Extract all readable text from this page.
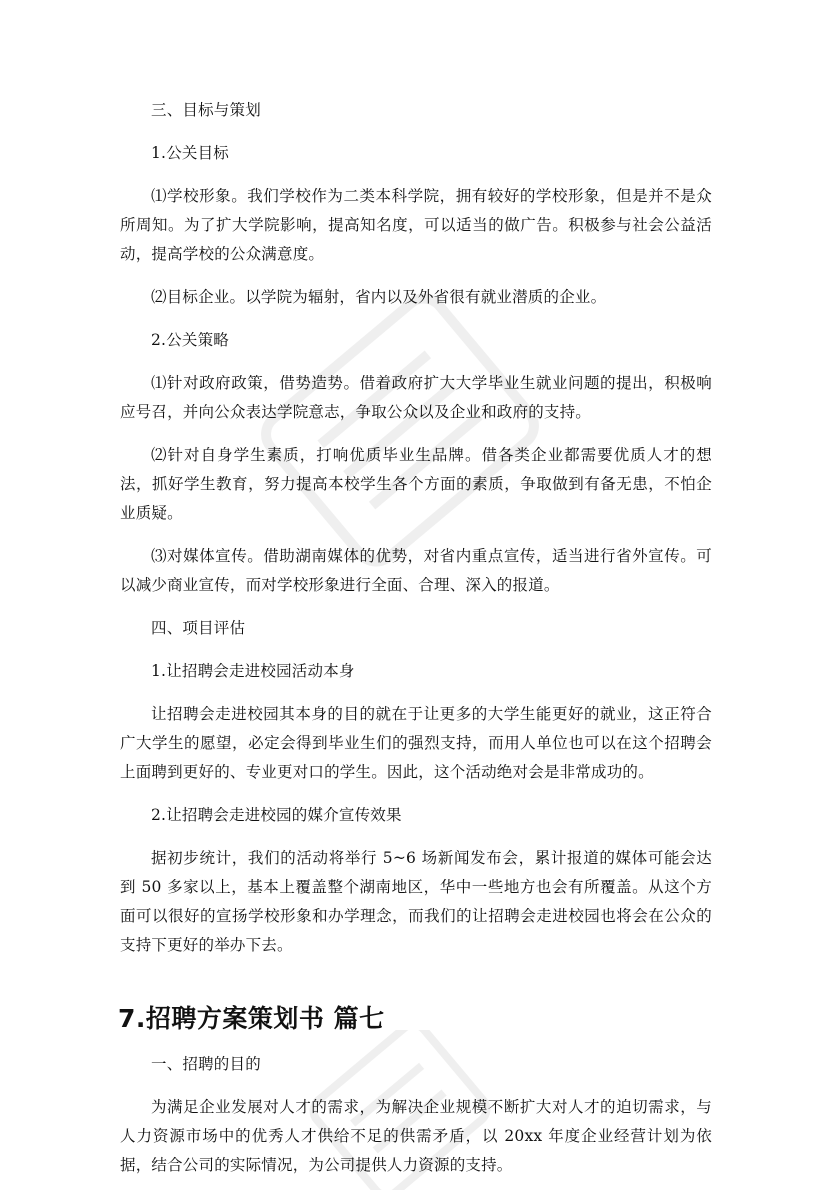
三、目标与策划

1.公关目标

⑴学校形象。我们学校作为二类本科学院，拥有较好的学校形象，但是并不是众所周知。为了扩大学院影响，提高知名度，可以适当的做广告。积极参与社会公益活动，提高学校的公众满意度。

⑵目标企业。以学院为辐射，省内以及外省很有就业潜质的企业。

2.公关策略

⑴针对政府政策，借势造势。借着政府扩大大学毕业生就业问题的提出，积极响应号召，并向公众表达学院意志，争取公众以及企业和政府的支持。

⑵针对自身学生素质，打响优质毕业生品牌。借各类企业都需要优质人才的想法，抓好学生教育，努力提高本校学生各个方面的素质，争取做到有备无患，不怕企业质疑。

⑶对媒体宣传。借助湖南媒体的优势，对省内重点宣传，适当进行省外宣传。可以减少商业宣传，而对学校形象进行全面、合理、深入的报道。

四、项目评估

1.让招聘会走进校园活动本身

让招聘会走进校园其本身的目的就在于让更多的大学生能更好的就业，这正符合广大学生的愿望，必定会得到毕业生们的强烈支持，而用人单位也可以在这个招聘会上面聘到更好的、专业更对口的学生。因此，这个活动绝对会是非常成功的。

2.让招聘会走进校园的媒介宣传效果

据初步统计，我们的活动将举行 5~6 场新闻发布会，累计报道的媒体可能会达到 50 多家以上，基本上覆盖整个湖南地区，华中一些地方也会有所覆盖。从这个方面可以很好的宣扬学校形象和办学理念，而我们的让招聘会走进校园也将会在公众的支持下更好的举办下去。

7.招聘方案策划书 篇七

一、招聘的目的

为满足企业发展对人才的需求，为解决企业规模不断扩大对人才的迫切需求，与人力资源市场中的优秀人才供给不足的供需矛盾，以 20xx 年度企业经营计划为依据，结合公司的实际情况，为公司提供人力资源的支持。
